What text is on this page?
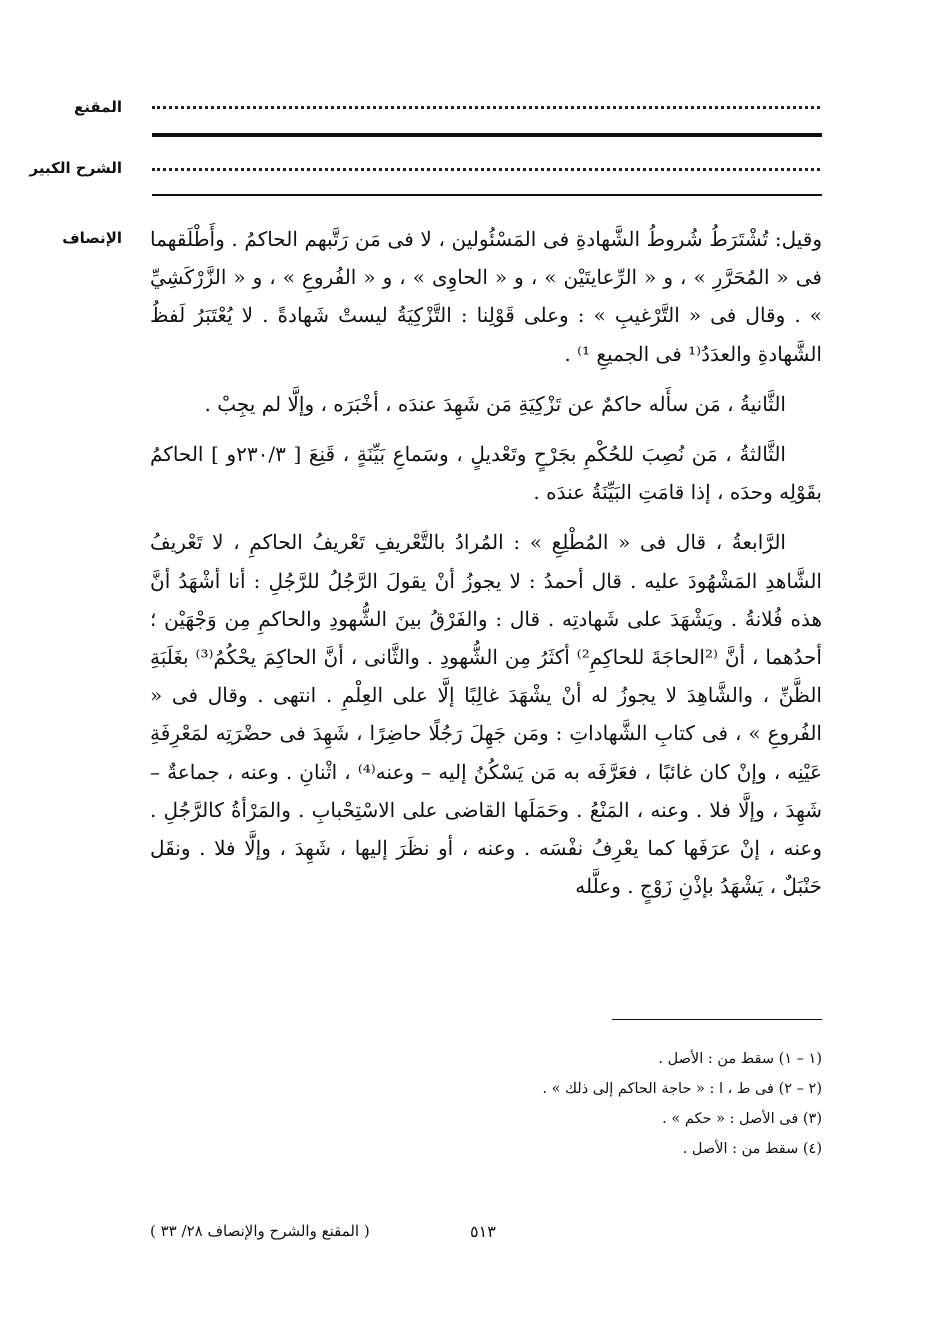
المقنع
الشرح الكبير
الإنصاف وقيل: تُشْتَرَطُ شُروطُ الشَّهادةِ فى المَسْئُولين ، لا فى مَن رَتَّبهم الحاكمُ . وأَطْلَقهما فى « المُحَرَّرِ » ، و « الرِّعايتَيْن » ، و « الحاوِى » ، و « الفُروعِ » ، و « الزَّرْكَشِيِّ » . وقال فى « التَّرْغيبِ » : وعلى قَوْلِنا : التَّزْكِيَةُ ليستْ شَهادةً . لا يُعْتَبَرُ لَفظُ الشَّهادةِ والعدَدُ⁽¹ فى الجميعِ ¹⁾ .

الثَّانيةُ ، مَن سأَله حاكمٌ عن تَزْكِيَةِ مَن شَهِدَ عندَه ، أخْبَرَه ، وإلَّا لم يجِبْ .

الثَّالثةُ ، مَن نُصِبَ للحُكْمِ بجَرْحٍ وتَعْديلٍ ، وسَماعِ بَيِّنَةٍ ، قَنِعَ [ ٢٣٠/٣و ] الحاكمُ بقَوْلِه وحدَه ، إذا قامَتِ البَيِّنَةُ عندَه .

الرَّابعةُ ، قال فى « المُطْلِعِ » : المُرادُ بالتَّعْريفِ تَعْريفُ الحاكمِ ، لا تَعْريفُ الشَّاهدِ المَشْهُودَ عليه . قال أحمدُ : لا يجوزُ أنْ يقولَ الرَّجُلُ للرَّجُلِ : أنا أشْهَدُ أنَّ هذه فُلانةُ . ويَشْهَدَ على شَهادتِه . قال : والفَرْقُ بينَ الشُّهودِ والحاكمِ مِن وَجْهَيْن ؛ أحدُهما ، أنَّ ⁽²الحاجَةَ للحاكِمِ²⁾ أكثَرُ مِن الشُّهودِ . والثَّانى ، أنَّ الحاكِمَ يحْكُمُ⁽³⁾ بغَلَبَةِ الظَّنِّ ، والشَّاهِدَ لا يجوزُ له أنْ يشْهَدَ غالِبًا إلَّا على العِلْمِ . انتهى . وقال فى « الفُروعِ » ، فى كتابِ الشَّهاداتِ : ومَن جَهِلَ رَجُلًا حاضِرًا ، شَهِدَ فى حضْرَتِه لمَعْرِفَةِ عَيْنِه ، وإنْ كان غائبًا ، فعَرَّفَه به مَن يَسْكُنُ إليه – وعنه⁽⁴⁾ ، اثْنانِ . وعنه ، جماعةٌ – شَهِدَ ، وإلَّا فلا . وعنه ، المَنْعُ . وحَمَلَها القاضى على الاسْتِحْبابِ . والمَرْأةُ كالرَّجُلِ . وعنه ، إنْ عرَفَها كما يعْرِفُ نفْسَه . وعنه ، أو نظَرَ إليها ، شَهِدَ ، وإلَّا فلا . ونقَل حَنْبَلٌ ، يَشْهَدُ بإذْنِ زَوْجٍ . وعلَّله

(١ – ١) سقط من : الأصل .
(٢ – ٢) فى ط ، ا : « حاجة الحاكم إلى ذلك » .
(٣) فى الأصل : « حكم » .
(٤) سقط من : الأصل .
٥١٣
( المقنع والشرح والإنصاف ٢٨/ ٣٣ )
